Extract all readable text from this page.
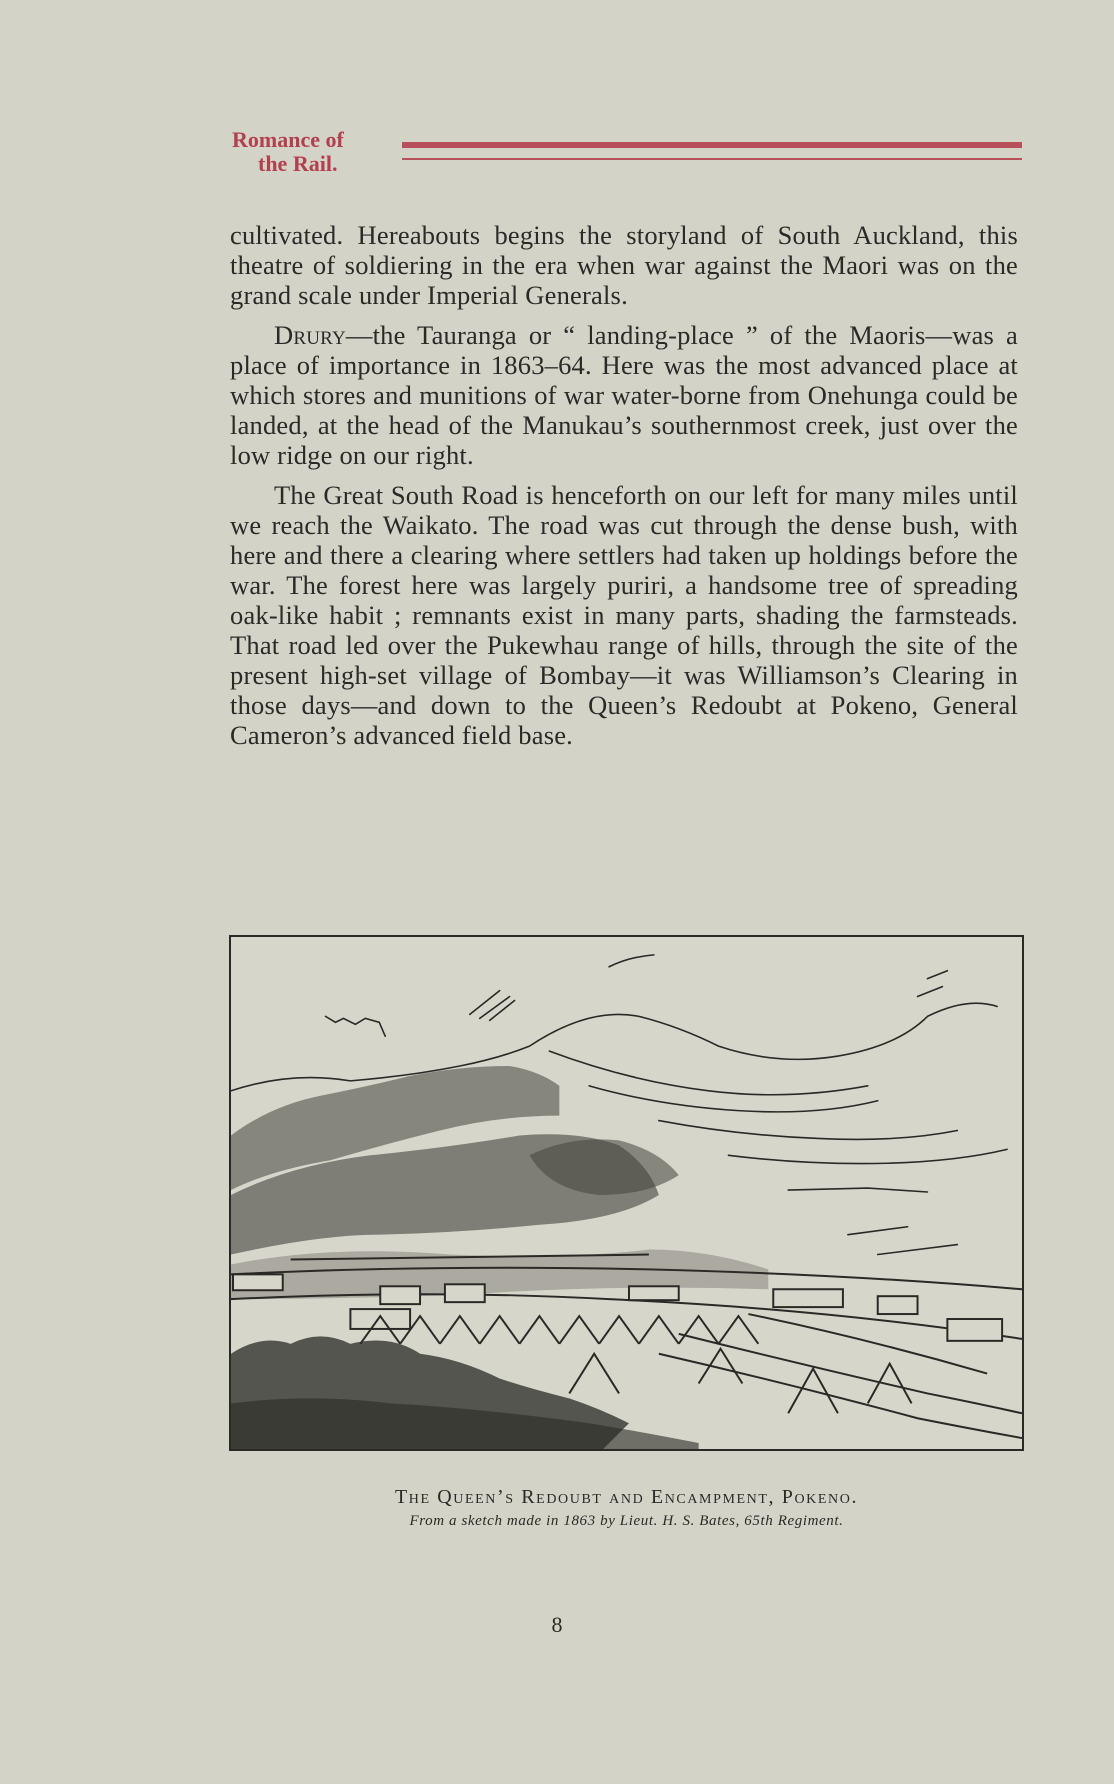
Romance of
the Rail.

cultivated. Hereabouts begins the storyland of South Auckland, this theatre of soldiering in the era when war against the Maori was on the grand scale under Imperial Generals.

Drury—the Tauranga or “ landing-place ” of the Maoris—was a place of importance in 1863–64. Here was the most advanced place at which stores and munitions of war water-borne from Onehunga could be landed, at the head of the Manukau’s southernmost creek, just over the low ridge on our right.

The Great South Road is henceforth on our left for many miles until we reach the Waikato. The road was cut through the dense bush, with here and there a clearing where settlers had taken up holdings before the war. The forest here was largely puriri, a handsome tree of spreading oak-like habit ; remnants exist in many parts, shading the farmsteads. That road led over the Pukewhau range of hills, through the site of the present high-set village of Bombay—it was Williamson’s Clearing in those days—and down to the Queen’s Redoubt at Pokeno, General Cameron’s advanced field base.

The Queen’s Redoubt and Encampment, Pokeno.
From a sketch made in 1863 by Lieut. H. S. Bates, 65th Regiment.
8
